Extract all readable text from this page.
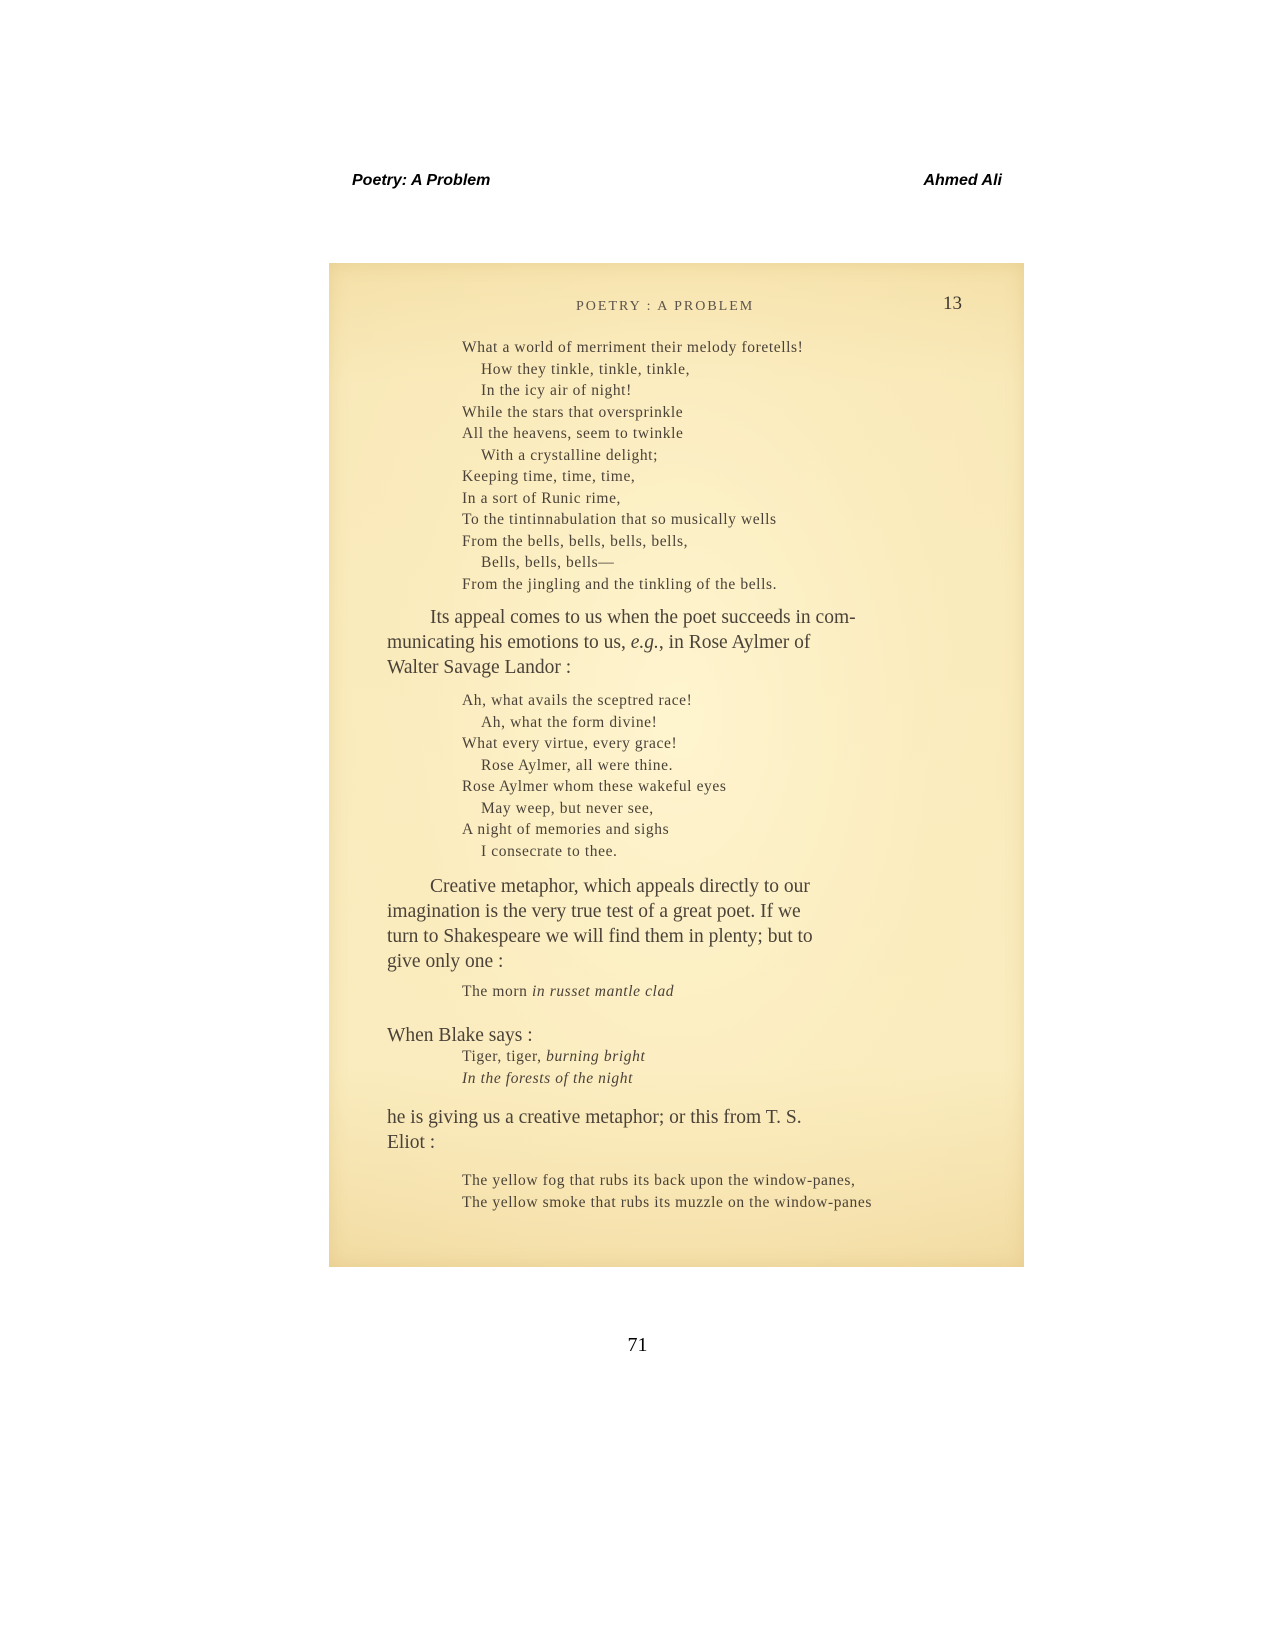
Poetry: A Problem	Ahmed Ali
POETRY : A PROBLEM	13
What a world of merriment their melody foretells!
How they tinkle, tinkle, tinkle,
In the icy air of night!
While the stars that oversprinkle
All the heavens, seem to twinkle
With a crystalline delight;
Keeping time, time, time,
In a sort of Runic rime,
To the tintinnabulation that so musically wells
From the bells, bells, bells, bells,
Bells, bells, bells—
From the jingling and the tinkling of the bells.

Its appeal comes to us when the poet succeeds in com-
municating his emotions to us, e.g., in Rose Aylmer of
Walter Savage Landor :

Ah, what avails the sceptred race!
Ah, what the form divine!
What every virtue, every grace!
Rose Aylmer, all were thine.
Rose Aylmer whom these wakeful eyes
May weep, but never see,
A night of memories and sighs
I consecrate to thee.

Creative metaphor, which appeals directly to our
imagination is the very true test of a great poet. If we
turn to Shakespeare we will find them in plenty; but to
give only one :

The morn in russet mantle clad

When Blake says :

Tiger, tiger, burning bright
In the forests of the night

he is giving us a creative metaphor; or this from T. S.
Eliot :

The yellow fog that rubs its back upon the window-panes,
The yellow smoke that rubs its muzzle on the window-panes
71
